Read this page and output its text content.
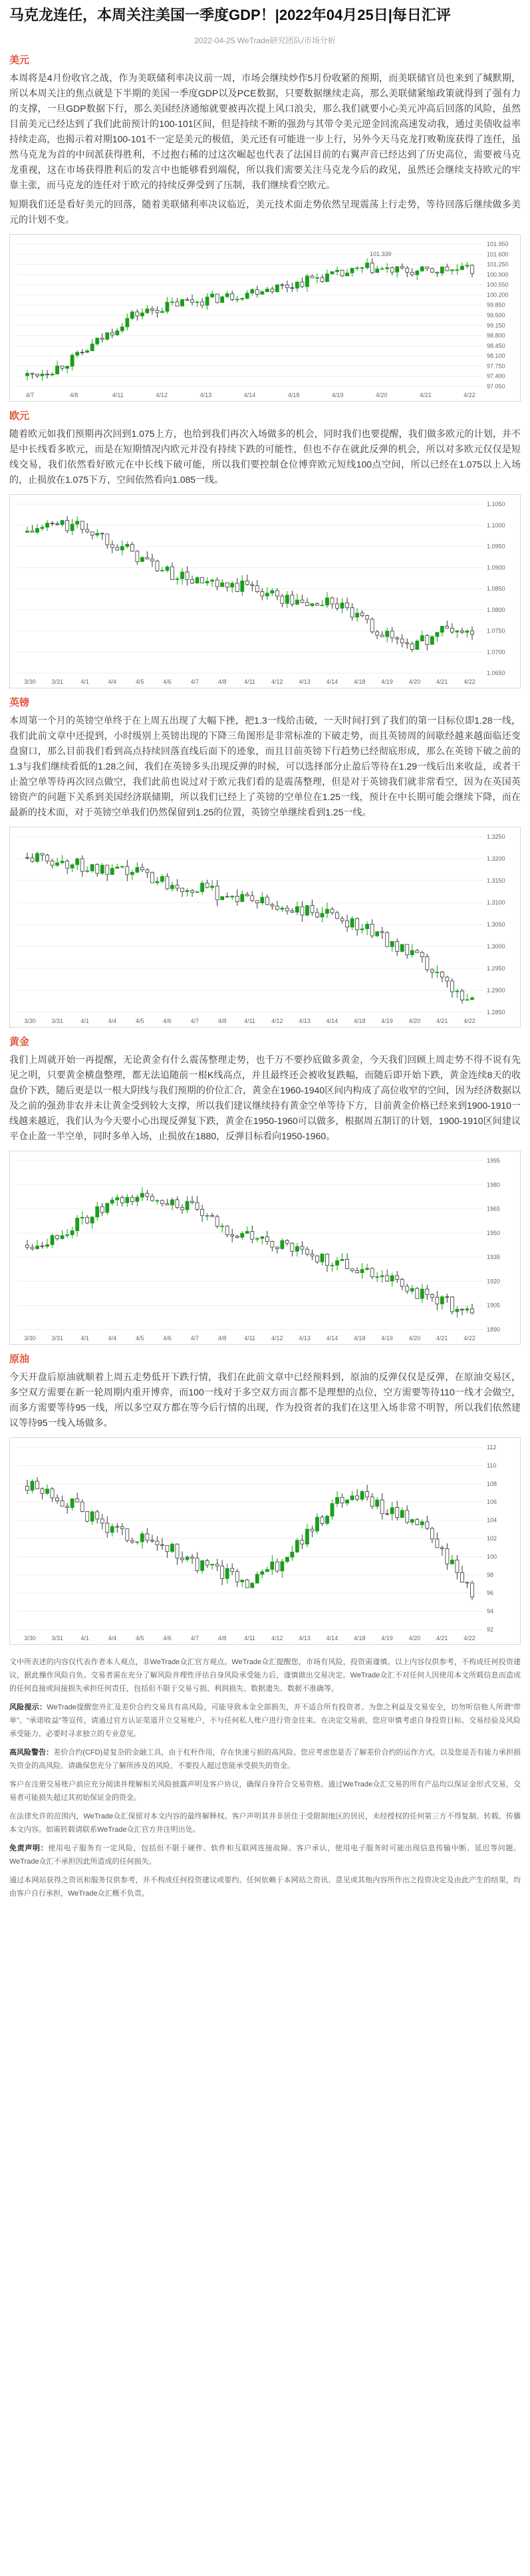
马克龙连任，本周关注美国一季度GDP！|2022年04月25日|每日汇评
2022-04-25 WeTrade研究团队/市场分析
美元

本周将是4月份收官之战，作为美联储利率决议前一周，市场会继续炒作5月份收紧的预期，而美联储官员也来到了缄默期，所以本周关注的焦点就是下半期的美国一季度GDP以及PCE数据，只要数据继续走高，那么美联储紧缩政策就得到了强有力的支撑，一旦GDP数据下行，那么美国经济通缩就要被再次提上风口浪尖，那么我们就要小心美元冲高后回落的风险，虽然目前美元已经达到了我们此前预计的100-101区间，但是持续不断的强劲与其带令美元逆金回流高速发动我，通过美债收益率持续走高，也揭示着对期100-101不一定是美元的极值，美元还有可能进一步上行，另外今天马克龙打败勒庞获得了连任，虽然马克龙为首的中间派获得胜利，不过抱右稀的过这次崛起也代表了法国目前的右翼声音已经达到了历史高位，需要被马克龙重视，这在市场获得胜利后的发言中也能够看到端倪，所以我们需要关注马克龙今后的政见，虽然还会继续支持欧元的牢靠主张，而马克龙的连任对于欧元的持续反弹受到了压制，我们继续看空欧元。

短期我们还是看好美元的回落，随着美联储利率决议临近，美元技术面走势依然呈现震荡上行走势，等待回落后继续做多美元的计划不变。

101.950
101.600
101.250
100.900
100.550
100.200
99.850
99.500
99.150
98.800
98.450
98.100
97.750
97.400
97.050
4/7	4/8	4/11	4/12	4/13	4/14	4/18	4/19	4/20	4/21	4/22
101.339
欧元

随着欧元如我们预期再次回到1.075上方，也给到我们再次入场做多的机会，同时我们也要提醒，我们做多欧元的计划，并不是中长线看多欧元，而是在短期情况内欧元并没有持续下跌的可能性，但也不存在就此反弹的机会，所以对多欧元仅仅是短线交易，我们依然看好欧元在中长线下破可能，所以我们要控制仓位博弈欧元短线100点空间，所以已经在1.075以上入场的，止损放在1.075下方，空间依然看向1.085一线。

1.1050
1.1000
1.0950
1.0900
1.0850
1.0800
1.0750
1.0700
1.0650
3/30	3/31	4/1	4/4	4/5	4/6	4/7	4/8	4/11	4/12	4/13	4/14	4/18	4/19	4/20	4/21	4/22
英镑

本周第一个月的英镑空单终于在上周五出现了大幅下挫，把1.3一线给击破，一天时间打到了我们的第一目标位即1.28一线，我们此前文章中还提到，小时级别上英镑出现的下降三角图形是非常标准的下破走势，而且英镑周的间歇经越来越面临还变盘窗口，那么目前我们看到高点持续回落直线后面下的迹象，而且目前英镑下行趋势已经彻底形成，那么在英镑下破之前的1.3与我们继续看低的1.28之间，我们在英镑多头出现反弹的时候，可以选择部分止盈后等待在1.29一线后出来收益，或者干止盈空单等待再次回点做空，我们此前也说过对于欧元我们看的是震荡整理，但是对于英镑我们就非常看空，因为在英国英镑资产的问题下关系到美国经济联储期，所以我们已经上了英镑的空单位在1.25一线，预计在中长期可能会继续下降，而在最新的技术面，对于英镑空单我们仍然保留到1.25的位置，英镑空单继续看到1.25一线。

1.3250
1.3200
1.3150
1.3100
1.3050
1.3000
1.2950
1.2900
1.2850
3/30	3/31	4/1	4/4	4/5	4/6	4/7	4/8	4/11	4/12	4/13	4/14	4/18	4/19	4/20	4/21	4/22
黄金

我们上周就开始一再提醒，无论黄金有什么震荡整理走势，也千万不要抄底做多黄金，今天我们回顾上周走势不得不说有先见之明，只要黄金横盘整理，都无法追随前一根K线高点，并且最终还会被收复跌幅，而随后即开始下跌，黄金连续8天的收盘价下跌，随后更是以一根大阴线与我们预期的价位汇合，黄金在1960-1940区间内构成了高位收窄的空间，因为经济数据以及之前的强劲非农并未让黄金受到较大支撑，所以我们建议继续持有黄金空单等待下方，目前黄金价格已经来到1900-1910一线越来越近，我们认为今天要小心出现反弹复下跌，黄金在1950-1960可以做多，根据周五制订的计划，1900-1910区间建议平仓止盈一半空单，同时多单入场，止损放在1880，反弹目标看向1950-1960。

1995
1980
1965
1950
1935
1920
1905
1890
3/30	3/31	4/1	4/4	4/5	4/6	4/7	4/8	4/11	4/12	4/13	4/14	4/18	4/19	4/20	4/21	4/22
原油

今天开盘后原油就顺着上周五走势低开下跌行情，我们在此前文章中已经预料到，原油的反弹仅仅是反弹，在原油交易区，多空双方需要在新一轮周期内重开博弈，而100一线对于多空双方而言都不是理想的点位，空方需要等待110一线才会做空，而多方需要等待95一线，所以多空双方都在等今后行情的出现，作为投资者的我们在这里入场非常不明智，所以我们依然建议等待95一线入场做多。

112
110
108
106
104
102
100
98
96
94
92
3/30	3/31	4/1	4/4	4/5	4/6	4/7	4/8	4/11	4/12	4/13	4/14	4/18	4/19	4/20	4/21	4/22

文中所表述的内容仅代表作者本人观点，非WeTrade众汇官方观点。WeTrade众汇提醒您，市场有风险，投资需谨慎。以上内容仅供参考，不构成任何投资建议，据此操作风险自负。交易者需在充分了解风险并理性评估自身风险承受能力后，谨慎做出交易决定。WeTrade众汇不对任何人因使用本文所载信息而造成的任何直接或间接损失承担任何责任，包括但不限于交易亏损、利润损失、数据遗失、数据不准确等。

风险提示：WeTrade提醒您外汇及差价合约交易具有高风险，可能导致本金全部损失，并不适合所有投资者。为您之利益及交易安全，切勿听信他人所谓“带单”、“承诺收益”等宣传，请通过官方认证渠道开立交易账户，不与任何私人账户进行资金往来。在决定交易前，您应审慎考虑自身投资目标、交易经验及风险承受能力，必要时寻求独立的专业意见。

高风险警告：差价合约(CFD)是复杂的金融工具，由于杠杆作用，存在快速亏损的高风险。您应考虑您是否了解差价合约的运作方式，以及您是否有能力承担损失资金的高风险。请确保您充分了解所涉及的风险，不要投入超过您能承受损失的资金。

客户在注册交易账户前应充分阅读并理解相关风险披露声明及客户协议，确保自身符合交易资格。通过WeTrade众汇交易的所有产品均以保证金形式交易，交易者可能损失超过其初始保证金的资金。

在法律允许的范围内，WeTrade众汇保留对本文内容的最终解释权。客户声明其并非居住于受限制地区的居民，未经授权的任何第三方不得复制、转载、传播本文内容。如需转载请联系WeTrade众汇官方并注明出处。

免责声明：使用电子服务有一定风险，包括但不限于硬件、软件和互联网连接故障。客户承认，使用电子服务时可能出现信息传输中断、延迟等问题。WeTrade众汇不承担因此所造成的任何损失。

通过本网站获得之资讯和服务仅供参考，并不构成任何投资建议或要约。任何依赖于本网站之资讯、意见或其他内容所作出之投资决定及由此产生的结果，均由客户自行承担，WeTrade众汇概不负责。
